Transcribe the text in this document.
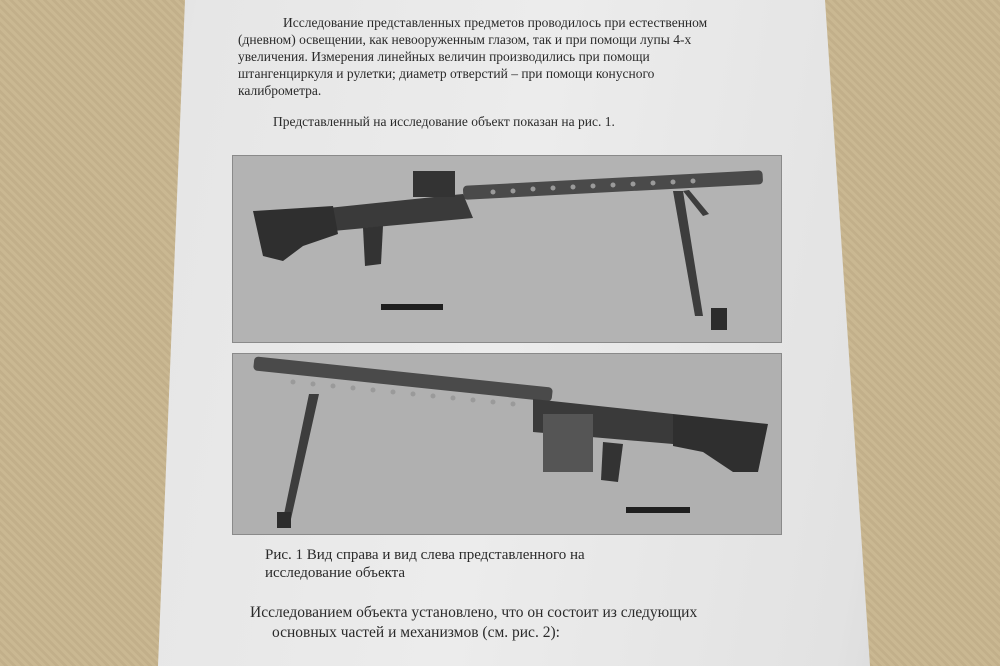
Исследование представленных предметов проводилось при естественном
(дневном) освещении, как невооруженным глазом, так и при помощи лупы 4-х
увеличения. Измерения линейных величин производились при помощи
штангенциркуля и рулетки; диаметр отверстий – при помощи конусного
калиброметра.

Представленный на исследование объект показан на рис. 1.

Рис. 1 Вид справа и вид слева представленного на
исследование объекта
Исследованием объекта установлено, что он состоит из следующих
основных частей и механизмов (см. рис. 2):
